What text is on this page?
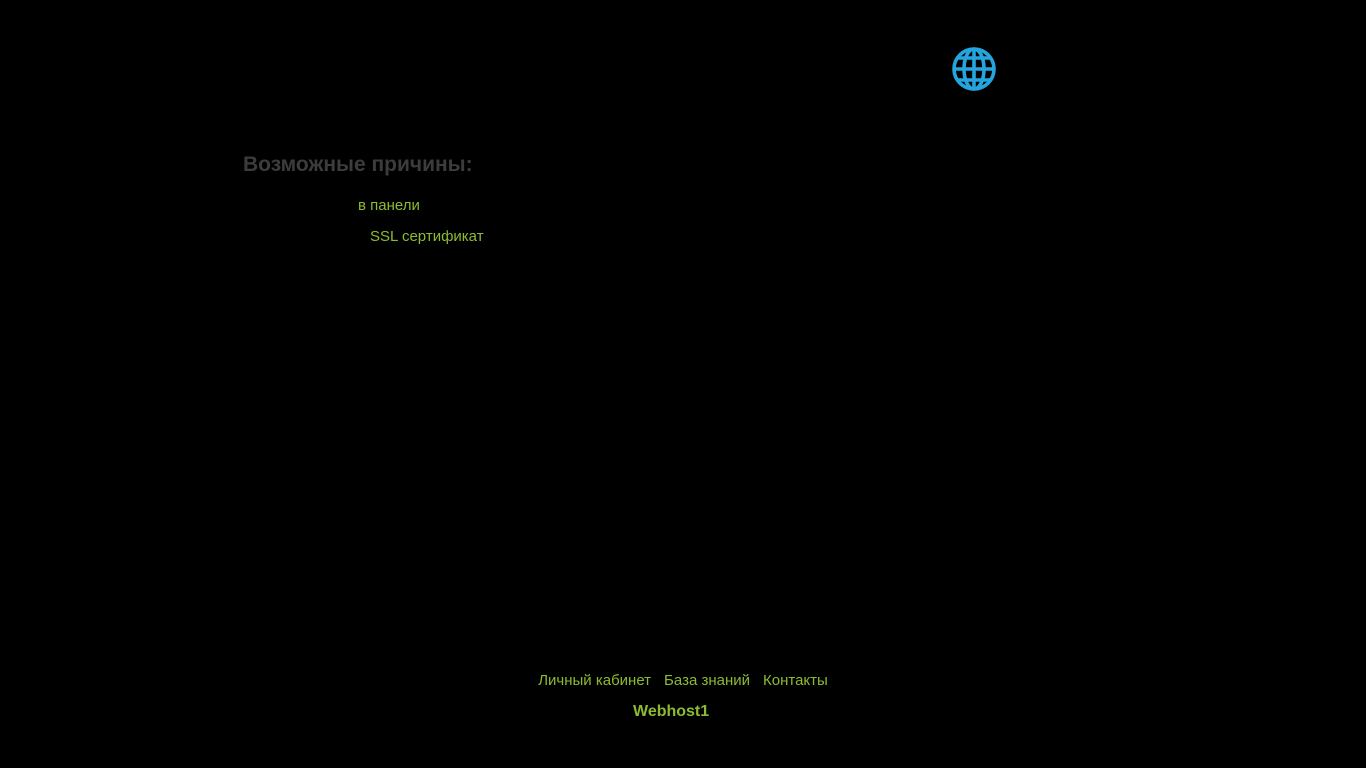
Возможные причины:
в панели
SSL сертификат
Личный кабинет База знаний Контакты
Webhost1
